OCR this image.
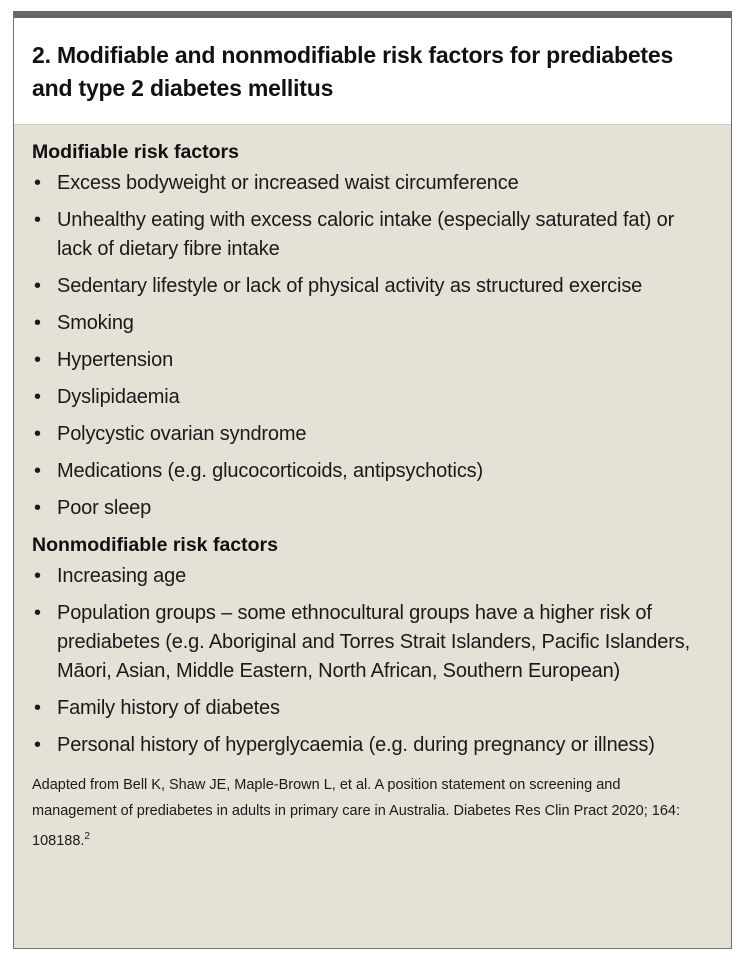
2. Modifiable and nonmodifiable risk factors for prediabetes and type 2 diabetes mellitus
Modifiable risk factors
• Excess bodyweight or increased waist circumference
• Unhealthy eating with excess caloric intake (especially saturated fat) or lack of dietary fibre intake
• Sedentary lifestyle or lack of physical activity as structured exercise
• Smoking
• Hypertension
• Dyslipidaemia
• Polycystic ovarian syndrome
• Medications (e.g. glucocorticoids, antipsychotics)
• Poor sleep
Nonmodifiable risk factors
• Increasing age
• Population groups – some ethnocultural groups have a higher risk of prediabetes (e.g. Aboriginal and Torres Strait Islanders, Pacific Islanders, Māori, Asian, Middle Eastern, North African, Southern European)
• Family history of diabetes
• Personal history of hyperglycaemia (e.g. during pregnancy or illness)
Adapted from Bell K, Shaw JE, Maple-Brown L, et al. A position statement on screening and management of prediabetes in adults in primary care in Australia. Diabetes Res Clin Pract 2020; 164: 108188.$^2$
